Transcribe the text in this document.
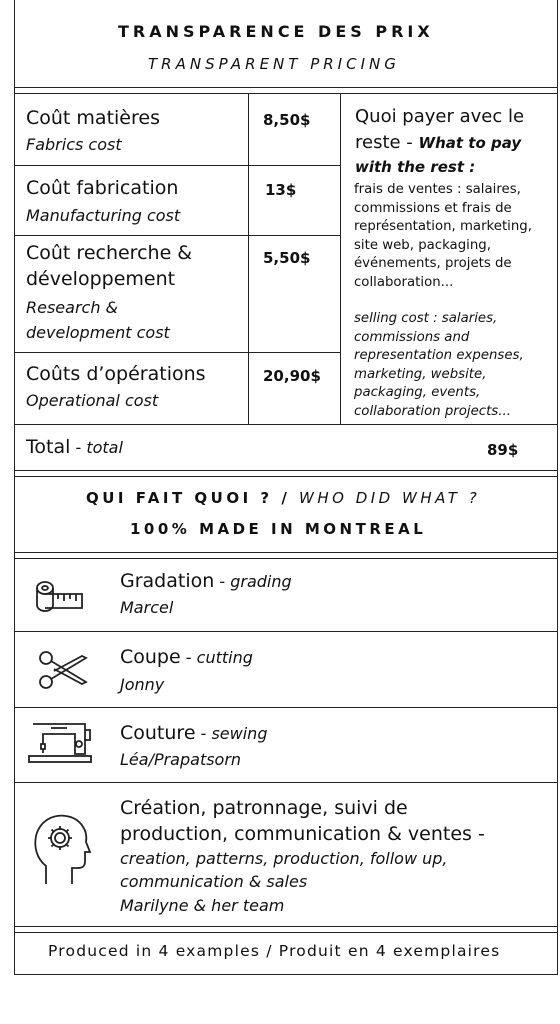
TRANSPARENCE DES PRIX
TRANSPARENT PRICING
Coût matières
Fabrics cost
8,50$
Coût fabrication
Manufacturing cost
13$
Coût recherche &
développement
Research &
development cost
5,50$
Coûts d’opérations
Operational cost
20,90$
Quoi payer avec le
reste - What to pay
with the rest :
frais de ventes : salaires,
commissions et frais de
représentation, marketing,
site web, packaging,
événements, projets de
collaboration...
selling cost : salaries,
commissions and
representation expenses,
marketing, website,
packaging, events,
collaboration projects...
Total - total	89$
QUI FAIT QUOI ? / WHO DID WHAT ?
100% MADE IN MONTREAL
Gradation - grading
Marcel
Coupe - cutting
Jonny
Couture - sewing
Léa/Prapatsorn
Création, patronnage, suivi de
production, communication & ventes -
creation, patterns, production, follow up,
communication & sales
Marilyne & her team
Produced in 4 examples / Produit en 4 exemplaires
